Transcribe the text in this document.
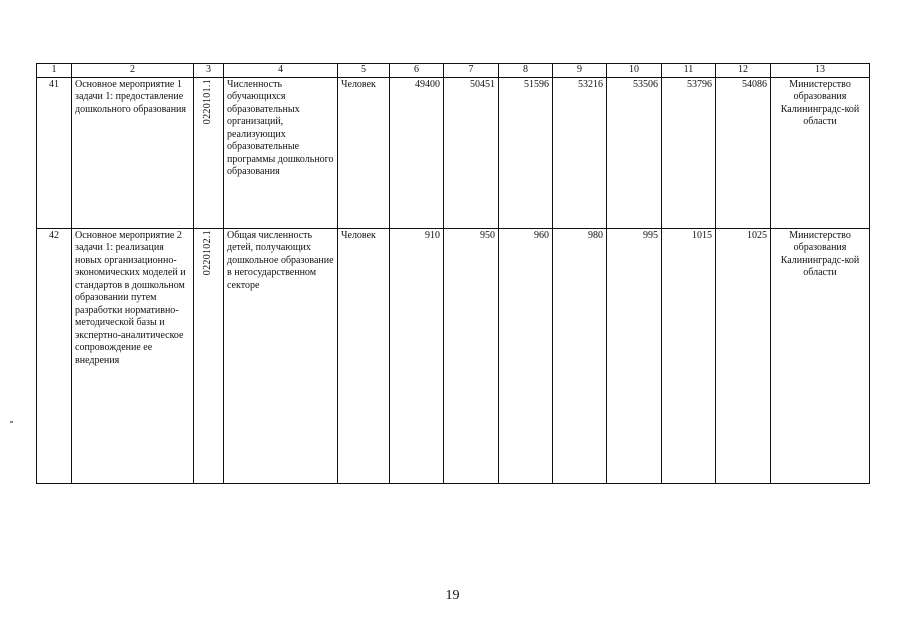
1	2	3	4	5	6	7	8	9	10	11	12	13
41	Основное мероприятие 1 задачи 1: предоставление дошкольного образования	0220101.1	Численность обучающихся образовательных организаций, реализующих образовательные программы дошкольного образования	Человек	49400	50451	51596	53216	53506	53796	54086	Министерство образования Калининградс-кой области
42	Основное мероприятие 2 задачи 1: реализация новых организационно-экономических моделей и стандартов в дошкольном образовании путем разработки нормативно-методической базы и экспертно-аналитическое сопровождение ее внедрения	0220102.1	Общая численность детей, получающих дошкольное образование в негосударственном секторе	Человек	910	950	960	980	995	1015	1025	Министерство образования Калининградс-кой области
19
